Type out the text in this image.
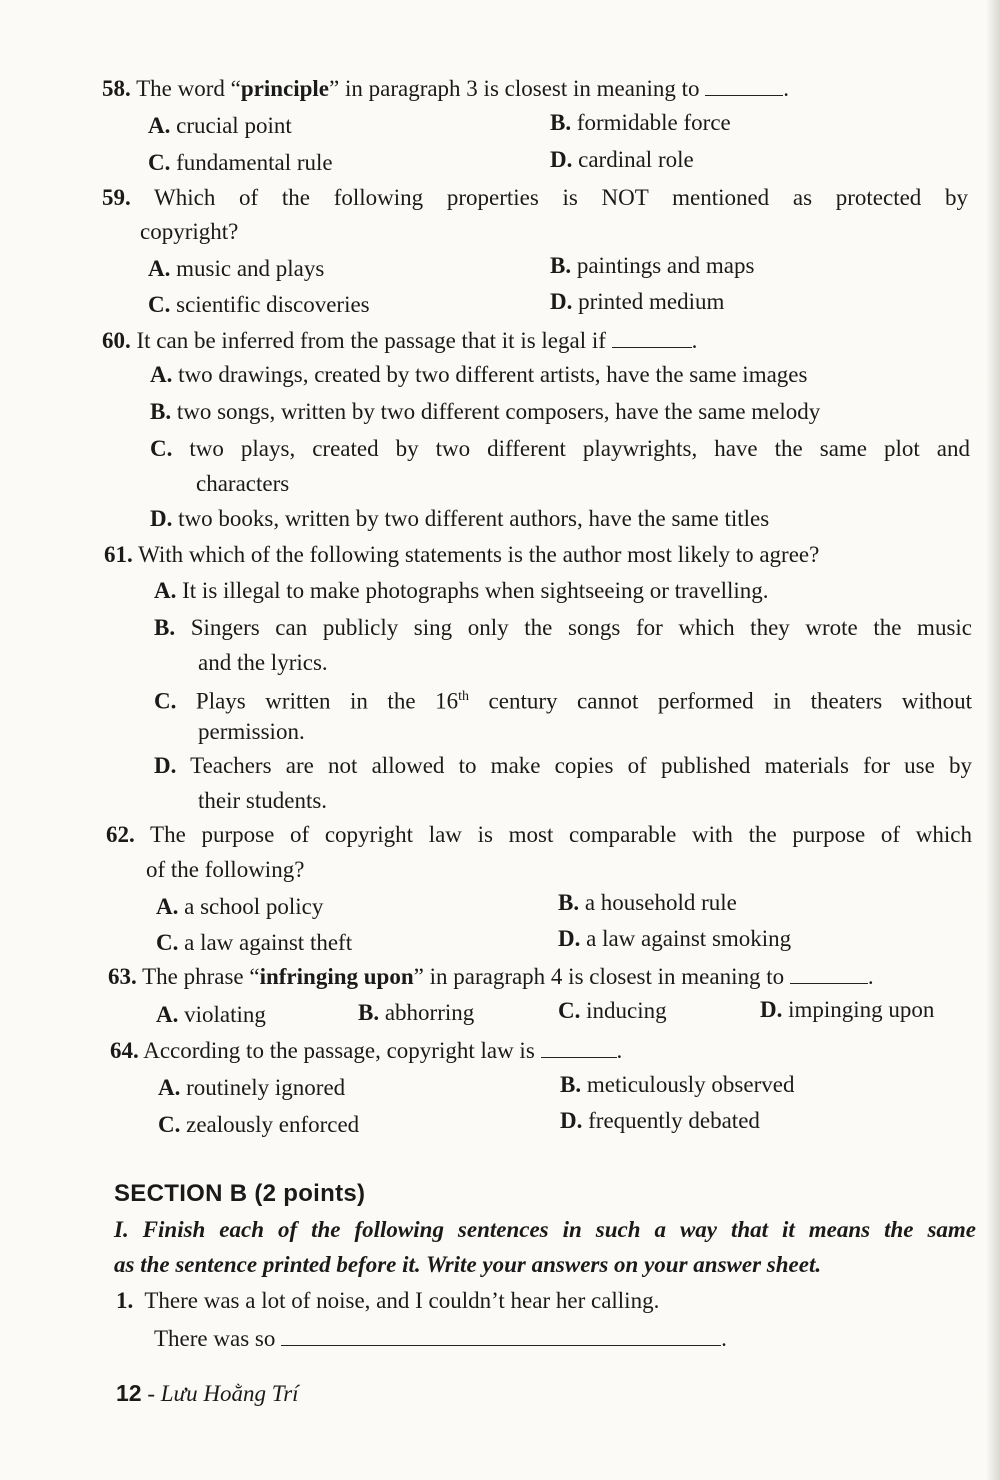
58. The word “principle” in paragraph 3 is closest in meaning to	.
A. crucial point	B. formidable force
C. fundamental rule	D. cardinal role
59. Which of the following properties is NOT mentioned as protected by
copyright?
A. music and plays	B. paintings and maps
C. scientific discoveries	D. printed medium
60. It can be inferred from the passage that it is legal if	.
A. two drawings, created by two different artists, have the same images
B. two songs, written by two different composers, have the same melody
C. two plays, created by two different playwrights, have the same plot and
characters
D. two books, written by two different authors, have the same titles
61. With which of the following statements is the author most likely to agree?
A. It is illegal to make photographs when sightseeing or travelling.
B. Singers can publicly sing only the songs for which they wrote the music
and the lyrics.
C. Plays written in the 16th century cannot performed in theaters without
permission.
D. Teachers are not allowed to make copies of published materials for use by
their students.
62. The purpose of copyright law is most comparable with the purpose of which
of the following?
A. a school policy	B. a household rule
C. a law against theft	D. a law against smoking
63. The phrase “infringing upon” in paragraph 4 is closest in meaning to	.
A. violating	B. abhorring	C. inducing	D. impinging upon
64. According to the passage, copyright law is	.
A. routinely ignored	B. meticulously observed
C. zealously enforced	D. frequently debated
SECTION B (2 points)
I. Finish each of the following sentences in such a way that it means the same
as the sentence printed before it. Write your answers on your answer sheet.
1. There was a lot of noise, and I couldn’t hear her calling.
There was so	.
12 - Lưu Hoằng Trí
